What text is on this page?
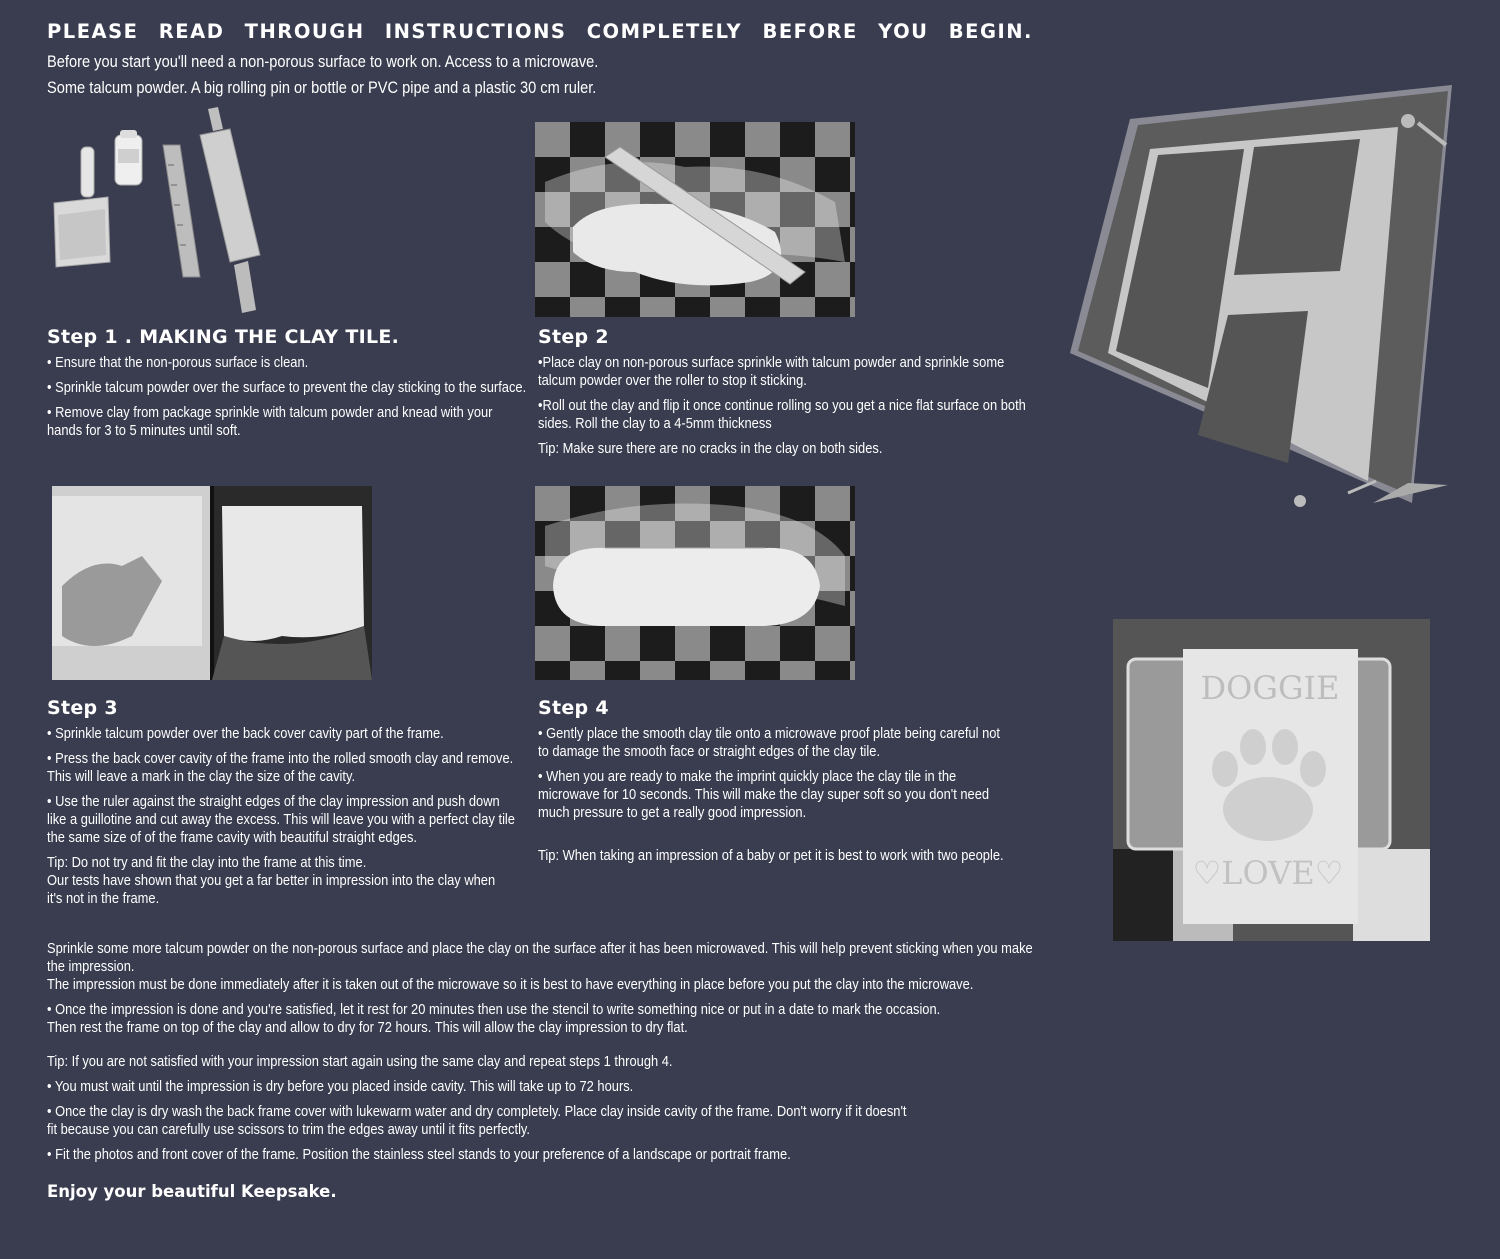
PLEASE READ THROUGH INSTRUCTIONS COMPLETELY BEFORE YOU BEGIN.
Before you start you'll need a non-porous surface to work on. Access to a microwave.
Some talcum powder. A big rolling pin or bottle or PVC pipe and a plastic 30 cm ruler.
Step 1 . MAKING THE CLAY TILE.

• Ensure that the non-porous surface is clean.

• Sprinkle talcum powder over the surface to prevent the clay sticking to the surface.

• Remove clay from package sprinkle with talcum powder and knead with your
hands for 3 to 5 minutes until soft.

Step 2

•Place clay on non-porous surface sprinkle with talcum powder and sprinkle some
talcum powder over the roller to stop it sticking.

•Roll out the clay and flip it once continue rolling so you get a nice flat surface on both
sides. Roll the clay to a 4-5mm thickness

Tip: Make sure there are no cracks in the clay on both sides.

DOGGIE
♡LOVE♡
Step 3

• Sprinkle talcum powder over the back cover cavity part of the frame.

• Press the back cover cavity of the frame into the rolled smooth clay and remove.
This will leave a mark in the clay the size of the cavity.

• Use the ruler against the straight edges of the clay impression and push down
like a guillotine and cut away the excess. This will leave you with a perfect clay tile
the same size of of the frame cavity with beautiful straight edges.

Tip: Do not try and fit the clay into the frame at this time.
Our tests have shown that you get a far better in impression into the clay when
it's not in the frame.

Step 4

• Gently place the smooth clay tile onto a microwave proof plate being careful not
to damage the smooth face or straight edges of the clay tile.

• When you are ready to make the imprint quickly place the clay tile in the
microwave for 10 seconds. This will make the clay super soft so you don't need
much pressure to get a really good impression.

Tip: When taking an impression of a baby or pet it is best to work with two people.

Sprinkle some more talcum powder on the non-porous surface and place the clay on the surface after it has been microwaved. This will help prevent sticking when you make
the impression.
The impression must be done immediately after it is taken out of the microwave so it is best to have everything in place before you put the clay into the microwave.

• Once the impression is done and you're satisfied, let it rest for 20 minutes then use the stencil to write something nice or put in a date to mark the occasion.
Then rest the frame on top of the clay and allow to dry for 72 hours. This will allow the clay impression to dry flat.

Tip: If you are not satisfied with your impression start again using the same clay and repeat steps 1 through 4.

• You must wait until the impression is dry before you placed inside cavity. This will take up to 72 hours.

• Once the clay is dry wash the back frame cover with lukewarm water and dry completely. Place clay inside cavity of the frame. Don't worry if it doesn't
fit because you can carefully use scissors to trim the edges away until it fits perfectly.

• Fit the photos and front cover of the frame. Position the stainless steel stands to your preference of a landscape or portrait frame.

Enjoy your beautiful Keepsake.
